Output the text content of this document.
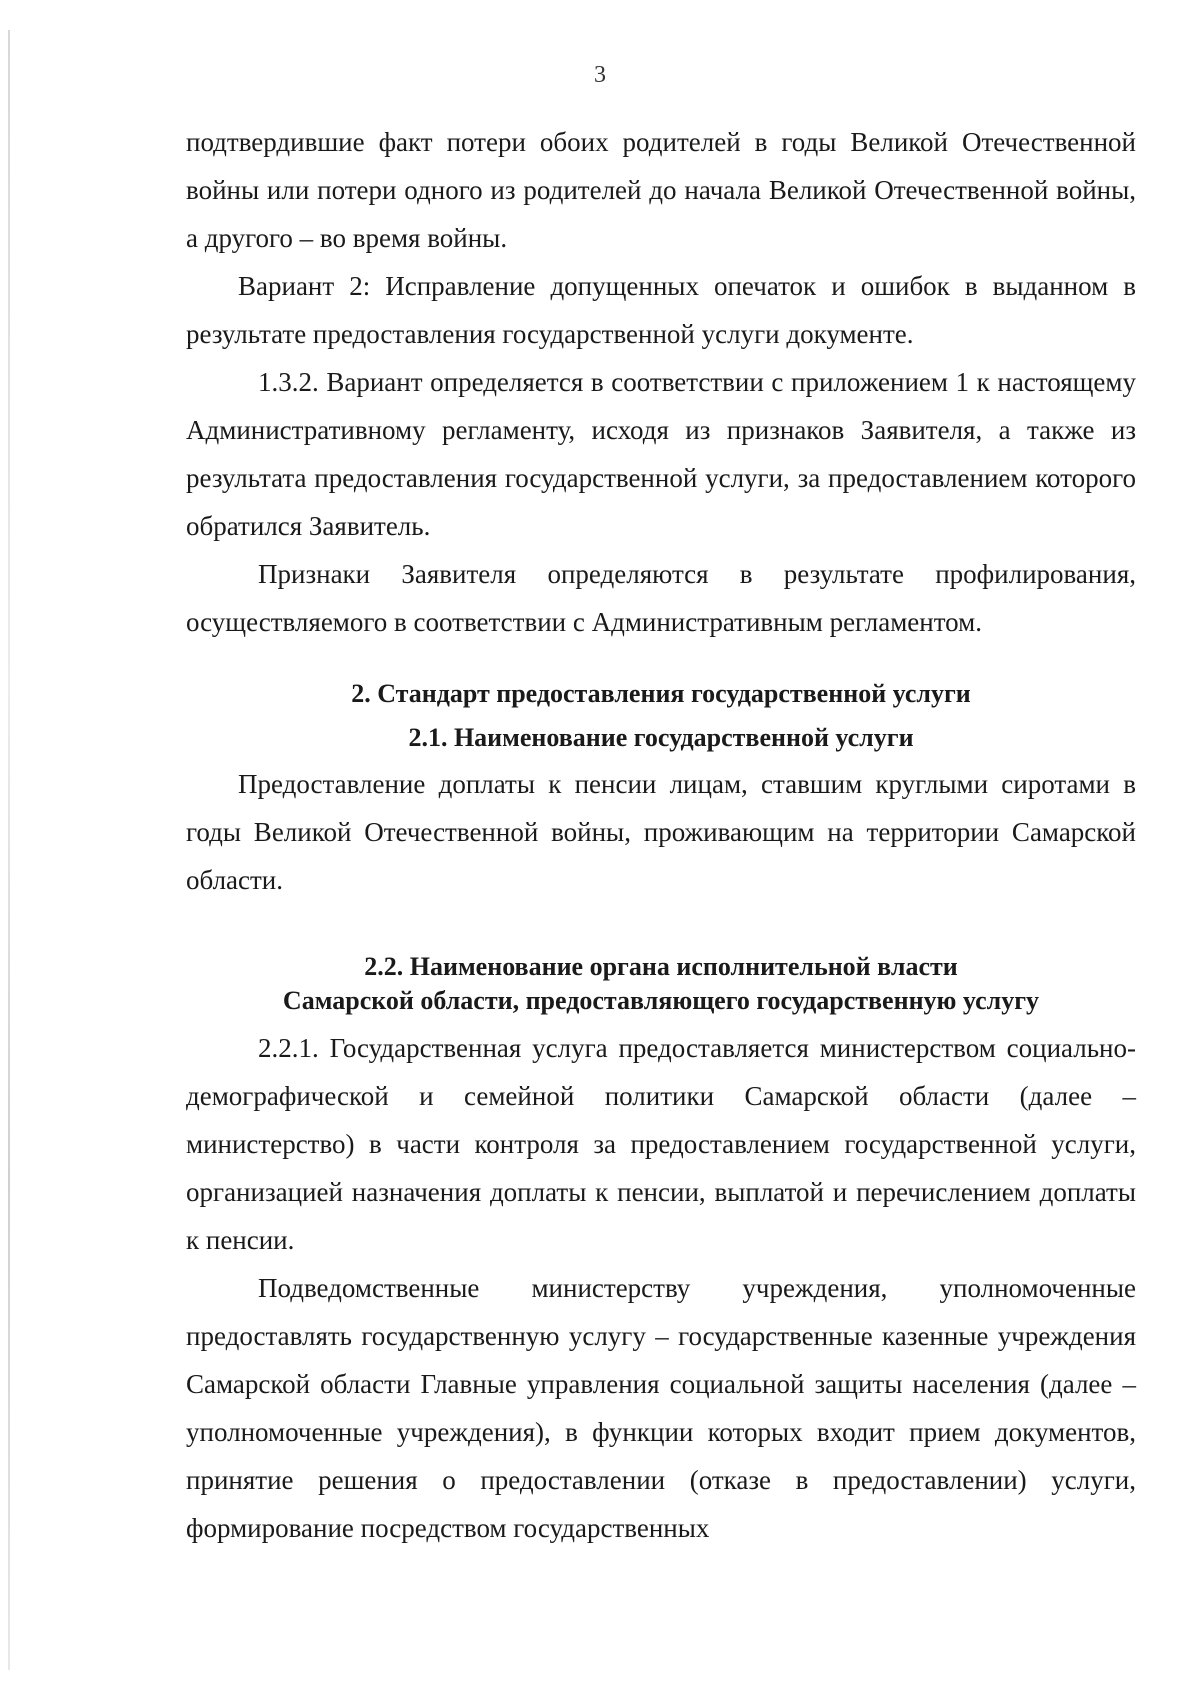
3

подтвердившие факт потери обоих родителей в годы Великой Отечественной войны или потери одного из родителей до начала Великой Отечественной войны, а другого – во время войны.

Вариант 2: Исправление допущенных опечаток и ошибок в выданном в результате предоставления государственной услуги документе.

1.3.2. Вариант определяется в соответствии с приложением 1 к настоящему Административному регламенту, исходя из признаков Заявителя, а также из результата предоставления государственной услуги, за предоставлением которого обратился Заявитель.

Признаки Заявителя определяются в результате профилирования, осуществляемого в соответствии с Административным регламентом.

2. Стандарт предоставления государственной услуги
2.1. Наименование государственной услуги

Предоставление доплаты к пенсии лицам, ставшим круглыми сиротами в годы Великой Отечественной войны, проживающим на территории Самарской области.

2.2. Наименование органа исполнительной власти
Самарской области, предоставляющего государственную услугу

2.2.1. Государственная услуга предоставляется министерством социально-демографической и семейной политики Самарской области (далее – министерство) в части контроля за предоставлением государственной услуги, организацией назначения доплаты к пенсии, выплатой и перечислением доплаты к пенсии.

Подведомственные министерству учреждения, уполномоченные предоставлять государственную услугу – государственные казенные учреждения Самарской области Главные управления социальной защиты населения (далее – уполномоченные учреждения), в функции которых входит прием документов, принятие решения о предоставлении (отказе в предоставлении) услуги, формирование посредством государственных
